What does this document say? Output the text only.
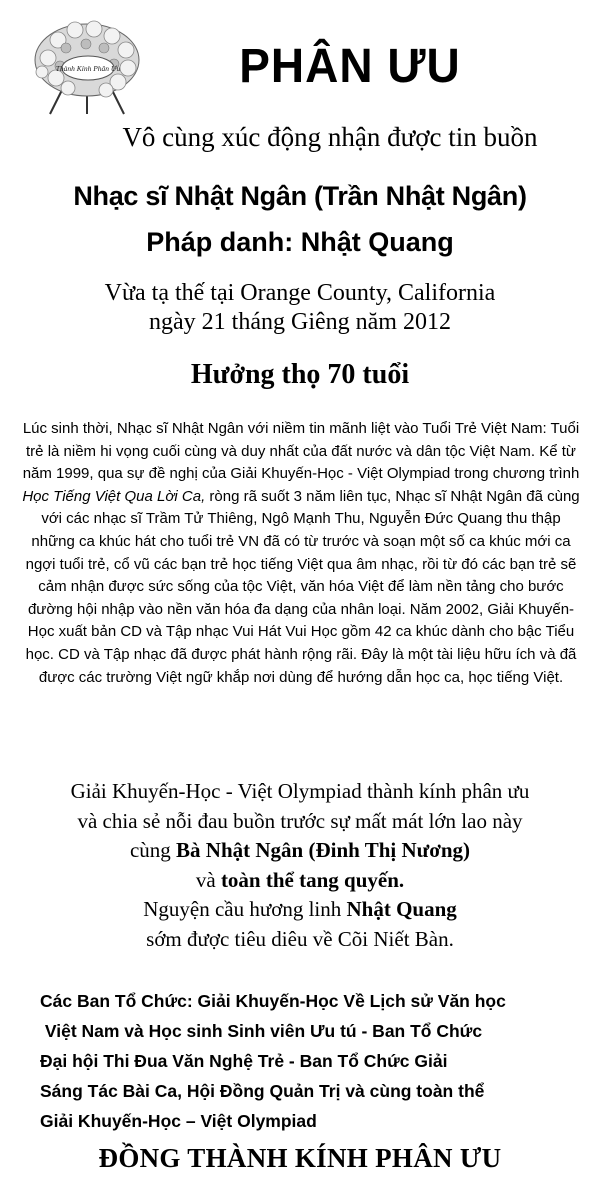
Thành Kính Phân Ưu	PHÂN ƯU
Vô cùng xúc động nhận được tin buồn
Nhạc sĩ Nhật Ngân (Trần Nhật Ngân)
Pháp danh: Nhật Quang
Vừa tạ thế tại Orange County, California
ngày 21 tháng Giêng năm 2012
Hưởng thọ 70 tuổi

Lúc sinh thời, Nhạc sĩ Nhật Ngân với niềm tin mãnh liệt vào Tuổi Trẻ Việt Nam: Tuổi trẻ là niềm hi vọng cuối cùng và duy nhất của đất nước và dân tộc Việt Nam. Kể từ năm 1999, qua sự đề nghị của Giải Khuyến-Học - Việt Olympiad trong chương trình Học Tiếng Việt Qua Lời Ca, ròng rã suốt 3 năm liên tục, Nhạc sĩ Nhật Ngân đã cùng với các nhạc sĩ Trầm Tử Thiêng, Ngô Mạnh Thu, Nguyễn Đức Quang thu thập những ca khúc hát cho tuổi trẻ VN đã có từ trước và soạn một số ca khúc mới ca ngợi tuổi trẻ, cổ vũ các bạn trẻ học tiếng Việt qua âm nhạc, rồi từ đó các bạn trẻ sẽ cảm nhận được sức sống của tộc Việt, văn hóa Việt để làm nền tảng cho bước đường hội nhập vào nền văn hóa đa dạng của nhân loại. Năm 2002, Giải Khuyến-Học xuất bản CD và Tập nhạc Vui Hát Vui Học gồm 42 ca khúc dành cho bậc Tiểu học. CD và Tập nhạc đã được phát hành rộng rãi. Đây là một tài liệu hữu ích và đã được các trường Việt ngữ khắp nơi dùng để hướng dẫn học ca, học tiếng Việt.

Giải Khuyến-Học - Việt Olympiad thành kính phân ưu

và chia sẻ nỗi đau buồn trước sự mất mát lớn lao này

cùng Bà Nhật Ngân (Đinh Thị Nương)

và toàn thể tang quyến.

Nguyện cầu hương linh Nhật Quang

sớm được tiêu diêu về Cõi Niết Bàn.

Các Ban Tổ Chức: Giải Khuyến-Học Về Lịch sử Văn học

Việt Nam và Học sinh Sinh viên Ưu tú - Ban Tổ Chức

Đại hội Thi Đua Văn Nghệ Trẻ - Ban Tổ Chức Giải

Sáng Tác Bài Ca, Hội Đồng Quản Trị và cùng toàn thể

Giải Khuyến-Học – Việt Olympiad

ĐỒNG THÀNH KÍNH PHÂN ƯU
